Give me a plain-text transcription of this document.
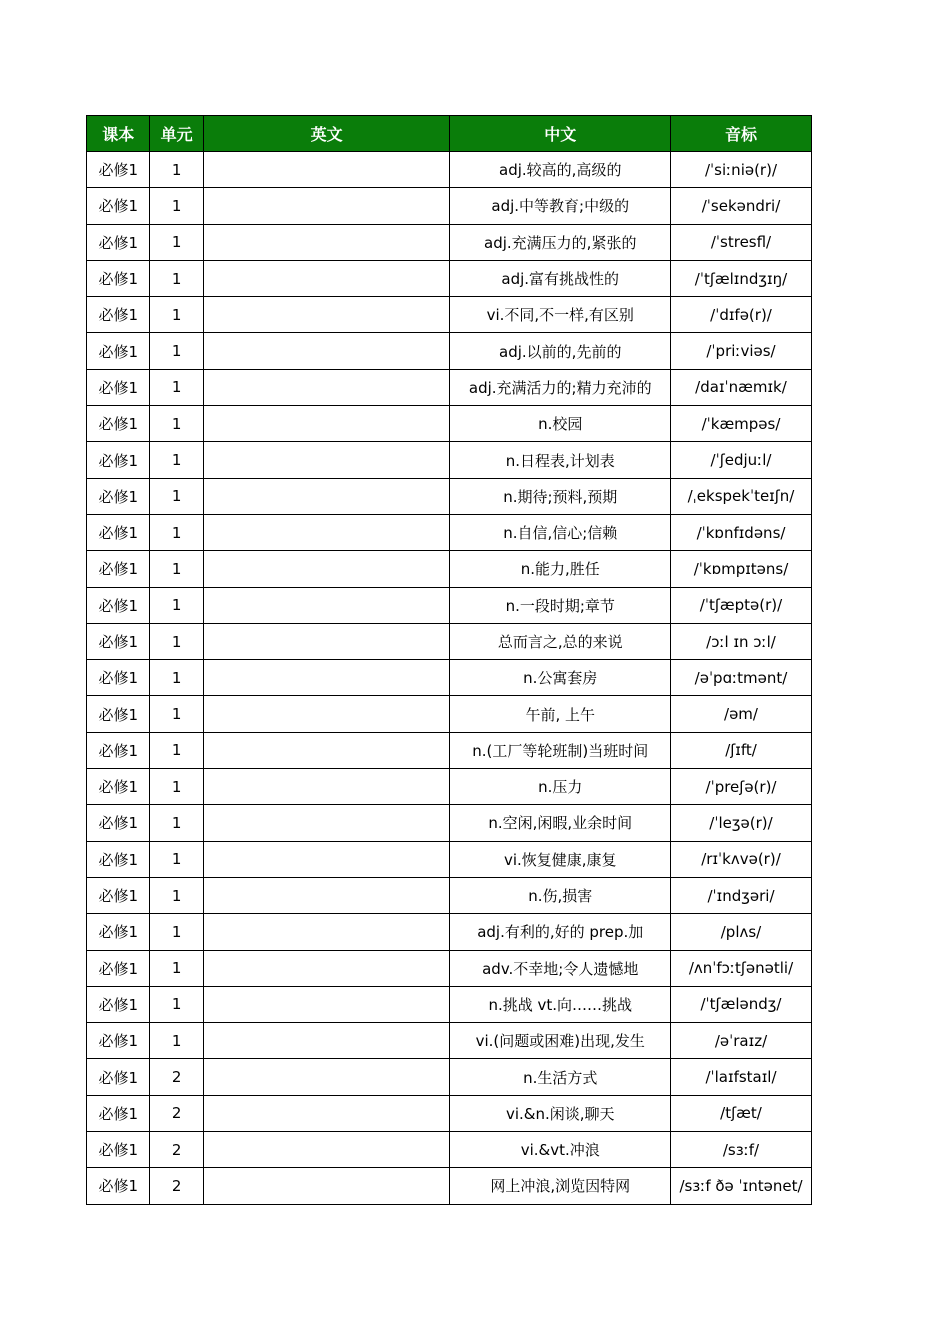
课本	单元	英文	中文	音标
必修1	1		adj.较高的,高级的	/ˈsiːniə(r)/
必修1	1		adj.中等教育;中级的	/ˈsekəndri/
必修1	1		adj.充满压力的,紧张的	/ˈstresfl/
必修1	1		adj.富有挑战性的	/ˈtʃælɪndʒɪŋ/
必修1	1		vi.不同,不一样,有区别	/ˈdɪfə(r)/
必修1	1		adj.以前的,先前的	/ˈpriːviəs/
必修1	1		adj.充满活力的;精力充沛的	/daɪˈnæmɪk/
必修1	1		n.校园	/ˈkæmpəs/
必修1	1		n.日程表,计划表	/ˈʃedjuːl/
必修1	1		n.期待;预料,预期	/ˌekspekˈteɪʃn/
必修1	1		n.自信,信心;信赖	/ˈkɒnfɪdəns/
必修1	1		n.能力,胜任	/ˈkɒmpɪtəns/
必修1	1		n.一段时期;章节	/ˈtʃæptə(r)/
必修1	1		总而言之,总的来说	/ɔːl ɪn ɔːl/
必修1	1		n.公寓套房	/əˈpɑːtmənt/
必修1	1		午前, 上午	/əm/
必修1	1		n.(工厂等轮班制)当班时间	/ʃɪft/
必修1	1		n.压力	/ˈpreʃə(r)/
必修1	1		n.空闲,闲暇,业余时间	/ˈleʒə(r)/
必修1	1		vi.恢复健康,康复	/rɪˈkʌvə(r)/
必修1	1		n.伤,损害	/ˈɪndʒəri/
必修1	1		adj.有利的,好的 prep.加	/plʌs/
必修1	1		adv.不幸地;令人遗憾地	/ʌnˈfɔːtʃənətli/
必修1	1		n.挑战 vt.向……挑战	/ˈtʃæləndʒ/
必修1	1		vi.(问题或困难)出现,发生	/əˈraɪz/
必修1	2		n.生活方式	/ˈlaɪfstaɪl/
必修1	2		vi.&n.闲谈,聊天	/tʃæt/
必修1	2		vi.&vt.冲浪	/sɜːf/
必修1	2		网上冲浪,浏览因特网	/sɜːf ðə ˈɪntənet/
